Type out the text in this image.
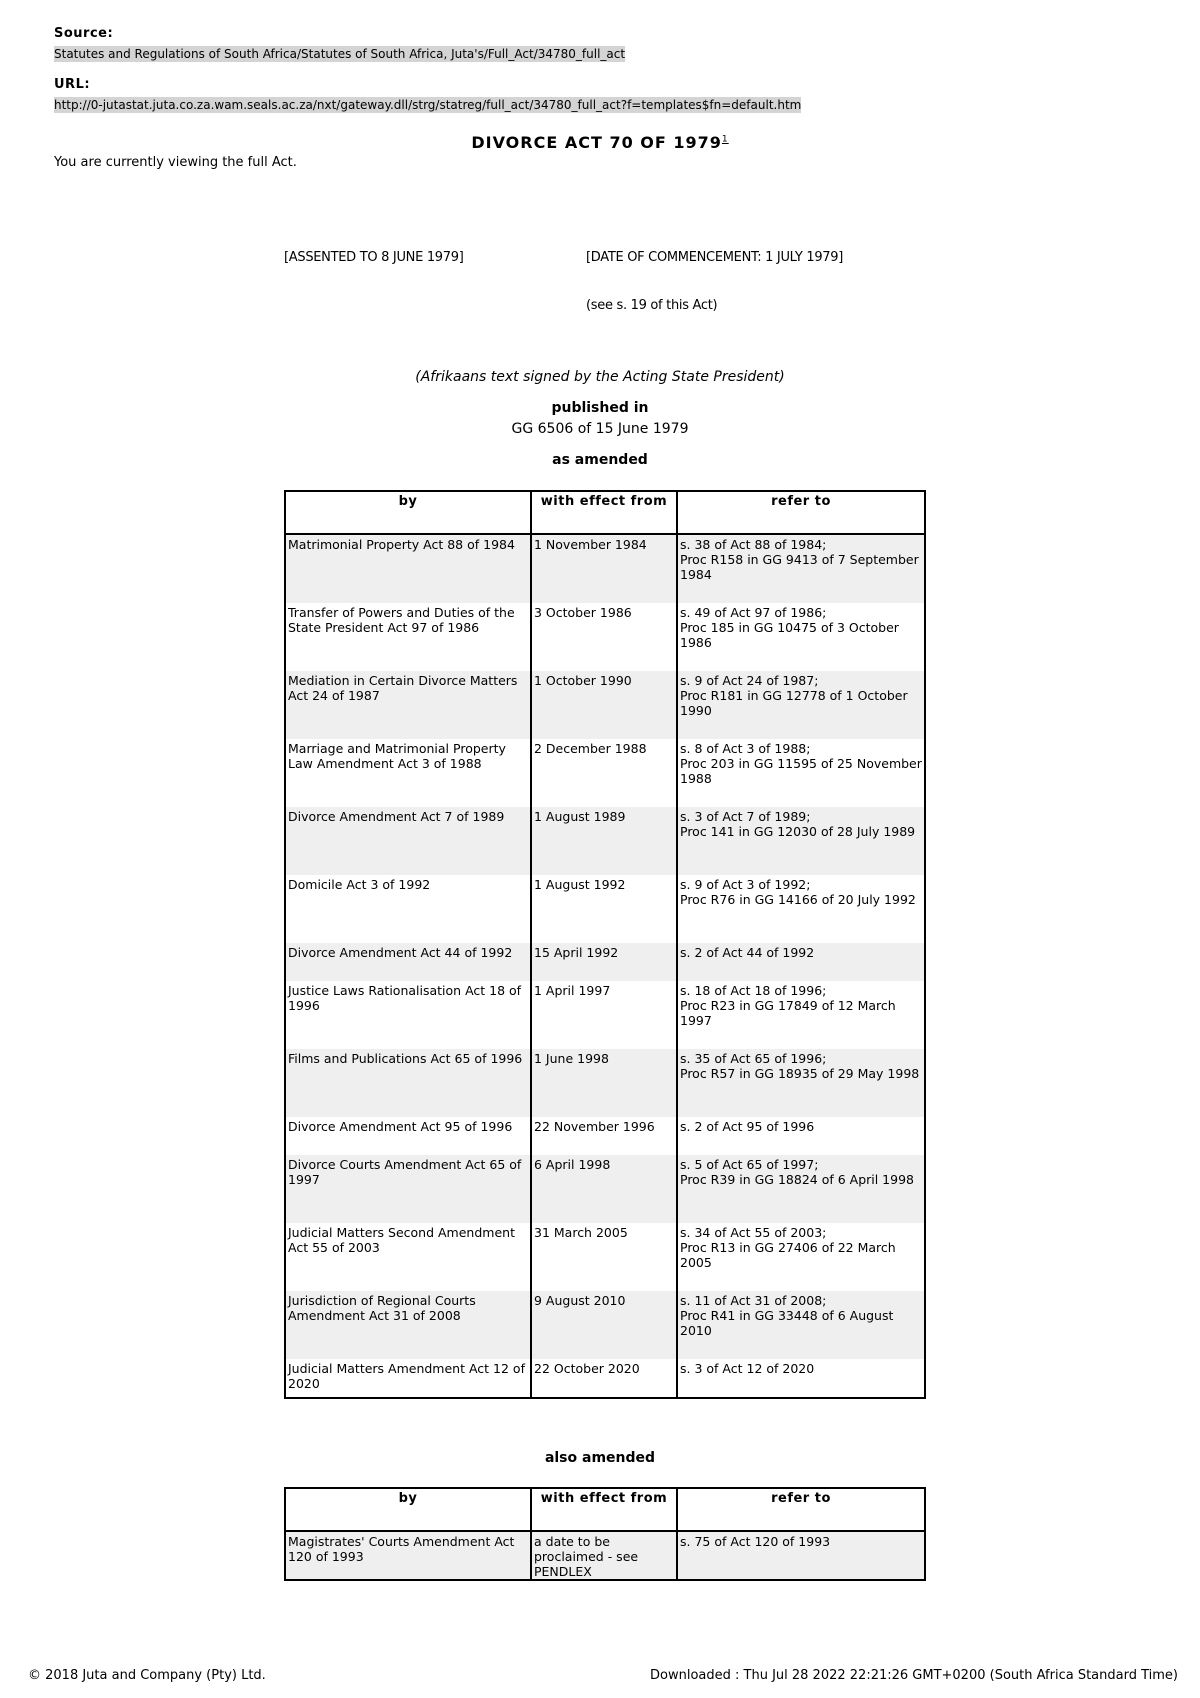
Source:
Statutes and Regulations of South Africa/Statutes of South Africa, Juta's/Full_Act/34780_full_act
URL:
http://0-jutastat.juta.co.za.wam.seals.ac.za/nxt/gateway.dll/strg/statreg/full_act/34780_full_act?f=templates$fn=default.htm
DIVORCE ACT 70 OF 1979$^1$
You are currently viewing the full Act.
[ASSENTED TO 8 JUNE 1979]	[DATE OF COMMENCEMENT: 1 JULY 1979]
(see s. 19 of this Act)
(Afrikaans text signed by the Acting State President)
published in
GG 6506 of 15 June 1979
as amended
by	with effect from	refer to
Matrimonial Property Act 88 of 1984	1 November 1984	s. 38 of Act 88 of 1984;
Proc R158 in GG 9413 of 7 September 1984

Transfer of Powers and Duties of the State President Act 97 of 1986	3 October 1986	s. 49 of Act 97 of 1986;
Proc 185 in GG 10475 of 3 October 1986

Mediation in Certain Divorce Matters Act 24 of 1987	1 October 1990	s. 9 of Act 24 of 1987;
Proc R181 in GG 12778 of 1 October 1990

Marriage and Matrimonial Property Law Amendment Act 3 of 1988	2 December 1988	s. 8 of Act 3 of 1988;
Proc 203 in GG 11595 of 25 November 1988

Divorce Amendment Act 7 of 1989	1 August 1989	s. 3 of Act 7 of 1989;
Proc 141 in GG 12030 of 28 July 1989

Domicile Act 3 of 1992	1 August 1992	s. 9 of Act 3 of 1992;
Proc R76 in GG 14166 of 20 July 1992

Divorce Amendment Act 44 of 1992	15 April 1992	s. 2 of Act 44 of 1992

Justice Laws Rationalisation Act 18 of 1996	1 April 1997	s. 18 of Act 18 of 1996;
Proc R23 in GG 17849 of 12 March 1997

Films and Publications Act 65 of 1996	1 June 1998	s. 35 of Act 65 of 1996;
Proc R57 in GG 18935 of 29 May 1998

Divorce Amendment Act 95 of 1996	22 November 1996	s. 2 of Act 95 of 1996

Divorce Courts Amendment Act 65 of 1997	6 April 1998	s. 5 of Act 65 of 1997;
Proc R39 in GG 18824 of 6 April 1998

Judicial Matters Second Amendment Act 55 of 2003	31 March 2005	s. 34 of Act 55 of 2003;
Proc R13 in GG 27406 of 22 March 2005

Jurisdiction of Regional Courts Amendment Act 31 of 2008	9 August 2010	s. 11 of Act 31 of 2008;
Proc R41 in GG 33448 of 6 August 2010

Judicial Matters Amendment Act 12 of 2020	22 October 2020	s. 3 of Act 12 of 2020
also amended
by	with effect from	refer to
Magistrates' Courts Amendment Act 120 of 1993	a date to be proclaimed - see PENDLEX	s. 75 of Act 120 of 1993
© 2018 Juta and Company (Pty) Ltd.	Downloaded : Thu Jul 28 2022 22:21:26 GMT+0200 (South Africa Standard Time)
